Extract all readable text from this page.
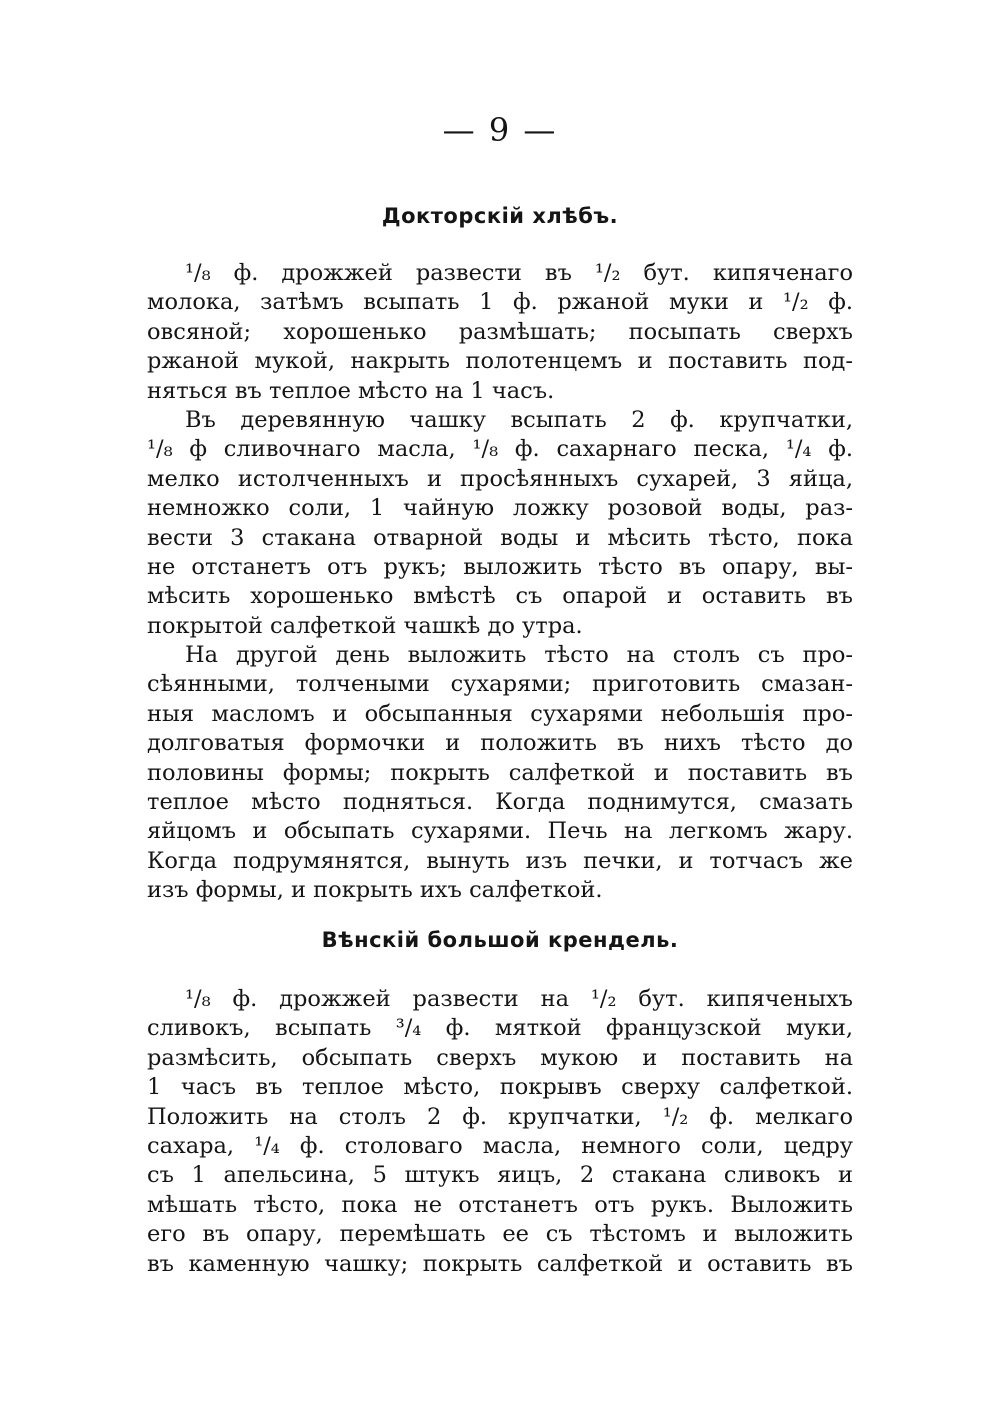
— 9 —
Докторскій хлѣбъ.
¹/₈ ф. дрожжей развести въ ¹/₂ бут. кипяченаго
молока, затѣмъ всыпать 1 ф. ржаной муки и ¹/₂ ф.
овсяной; хорошенько размѣшать; посыпать сверхъ
ржаной мукой, накрыть полотенцемъ и поставить под-
няться въ теплое мѣсто на 1 часъ.
Въ деревянную чашку всыпать 2 ф. крупчатки,
¹/₈ ф сливочнаго масла, ¹/₈ ф. сахарнаго песка, ¹/₄ ф.
мелко истолченныхъ и просѣянныхъ сухарей, 3 яйца,
немножко соли, 1 чайную ложку розовой воды, раз-
вести 3 стакана отварной воды и мѣсить тѣсто, пока
не отстанетъ отъ рукъ; выложить тѣсто въ опару, вы-
мѣсить хорошенько вмѣстѣ съ опарой и оставить въ
покрытой салфеткой чашкѣ до утра.
На другой день выложить тѣсто на столъ съ про-
сѣянными, толчеными сухарями; приготовить смазан-
ныя масломъ и обсыпанныя сухарями небольшія про-
долговатыя формочки и положить въ нихъ тѣсто до
половины формы; покрыть салфеткой и поставить въ
теплое мѣсто подняться. Когда поднимутся, смазать
яйцомъ и обсыпать сухарями. Печь на легкомъ жару.
Когда подрумянятся, вынуть изъ печки, и тотчасъ же
изъ формы, и покрыть ихъ салфеткой.
Вѣнскій большой крендель.
¹/₈ ф. дрожжей развести на ¹/₂ бут. кипяченыхъ
сливокъ, всыпать ³/₄ ф. мяткой французской муки,
размѣсить, обсыпать сверхъ мукою и поставить на
1 часъ въ теплое мѣсто, покрывъ сверху салфеткой.
Положить на столъ 2 ф. крупчатки, ¹/₂ ф. мелкаго
сахара, ¹/₄ ф. столоваго масла, немного соли, цедру
съ 1 апельсина, 5 штукъ яицъ, 2 стакана сливокъ и
мѣшать тѣсто, пока не отстанетъ отъ рукъ. Выложить
его въ опару, перемѣшать ее съ тѣстомъ и выложить
въ каменную чашку; покрыть салфеткой и оставить въ
